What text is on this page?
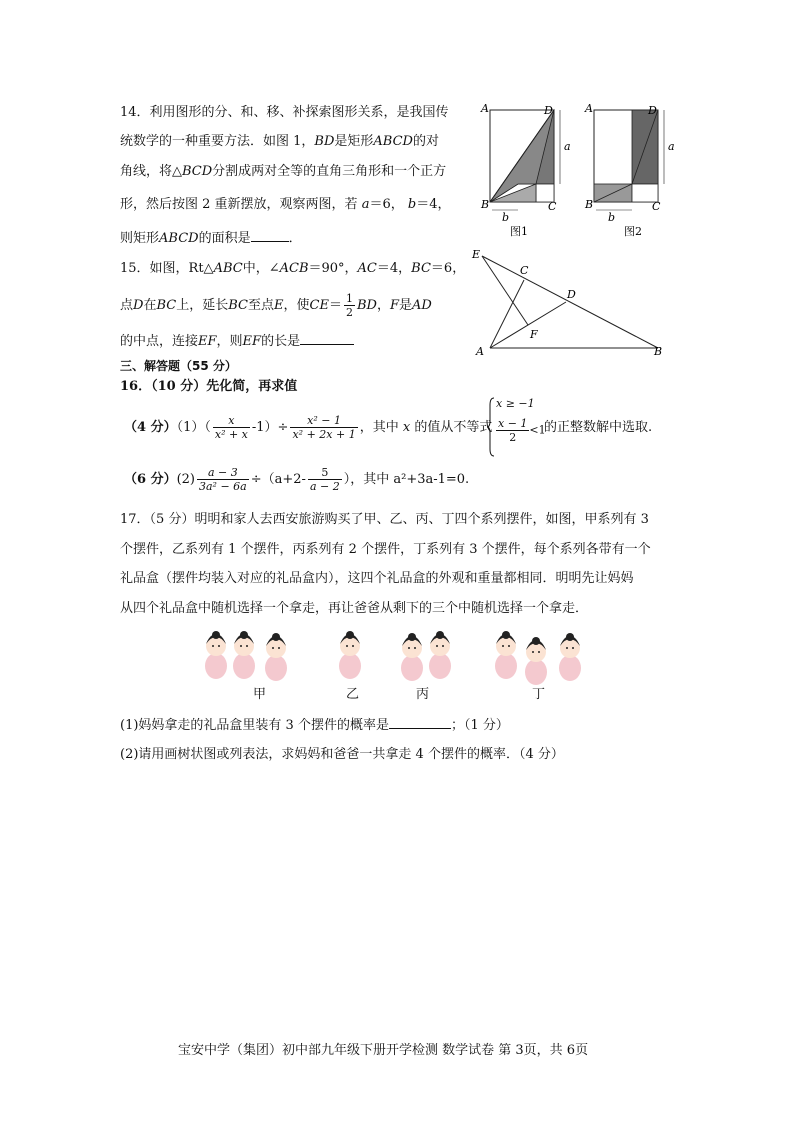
14．利用图形的分、和、移、补探索图形关系，是我国传
统数学的一种重要方法．如图 1，BD是矩形ABCD的对
角线，将△BCD分割成两对全等的直角三角形和一个正方
形，然后按图 2 重新摆放，观察两图，若 a＝6， b＝4，
则矩形ABCD的面积是	．
A
B	C
D
a
b
图1
A
B	C
D
a
b
图2
15．如图，Rt△ABC中，∠ACB＝90°，AC＝4，BC＝6，
点D在BC上，延长BC至点E，使$CE= \frac{1}{2}$ BD，F是AD
的中点，连接EF，则EF的长是
E
C
D
F
A	B
三、解答题（55 分）
16．（10 分）先化简，再求值
（4 分）$(1)( \frac{x}{\text{x² + x}} -1)\div \frac{\text{x² − 1}}{\text{x² + 2x + 1}}$ ，其中 x 的值从不等式
x ≥ −1
$\frac{x - 1}{2} <1$
的正整数解中选取.
（6 分）$(2) \frac{a - 3}{\text{3a² − 6a}} \div(a+2- \frac{5}{a - 2}$ ），其中 a²+3a-1=0.
17．（5 分）明明和家人去西安旅游购买了甲、乙、丙、丁四个系列摆件，如图，甲系列有 3
个摆件，乙系列有 1 个摆件，丙系列有 2 个摆件，丁系列有 3 个摆件，每个系列各带有一个
礼品盒（摆件均装入对应的礼品盒内），这四个礼品盒的外观和重量都相同．明明先让妈妈
从四个礼品盒中随机选择一个拿走，再让爸爸从剩下的三个中随机选择一个拿走．
甲	乙	丙	丁
(1)妈妈拿走的礼品盒里装有 3 个摆件的概率是	；（1 分）
(2)请用画树状图或列表法，求妈妈和爸爸一共拿走 4 个摆件的概率．（4 分）
宝安中学（集团）初中部九年级下册开学检测 数学试卷 第 3页，共 6页
